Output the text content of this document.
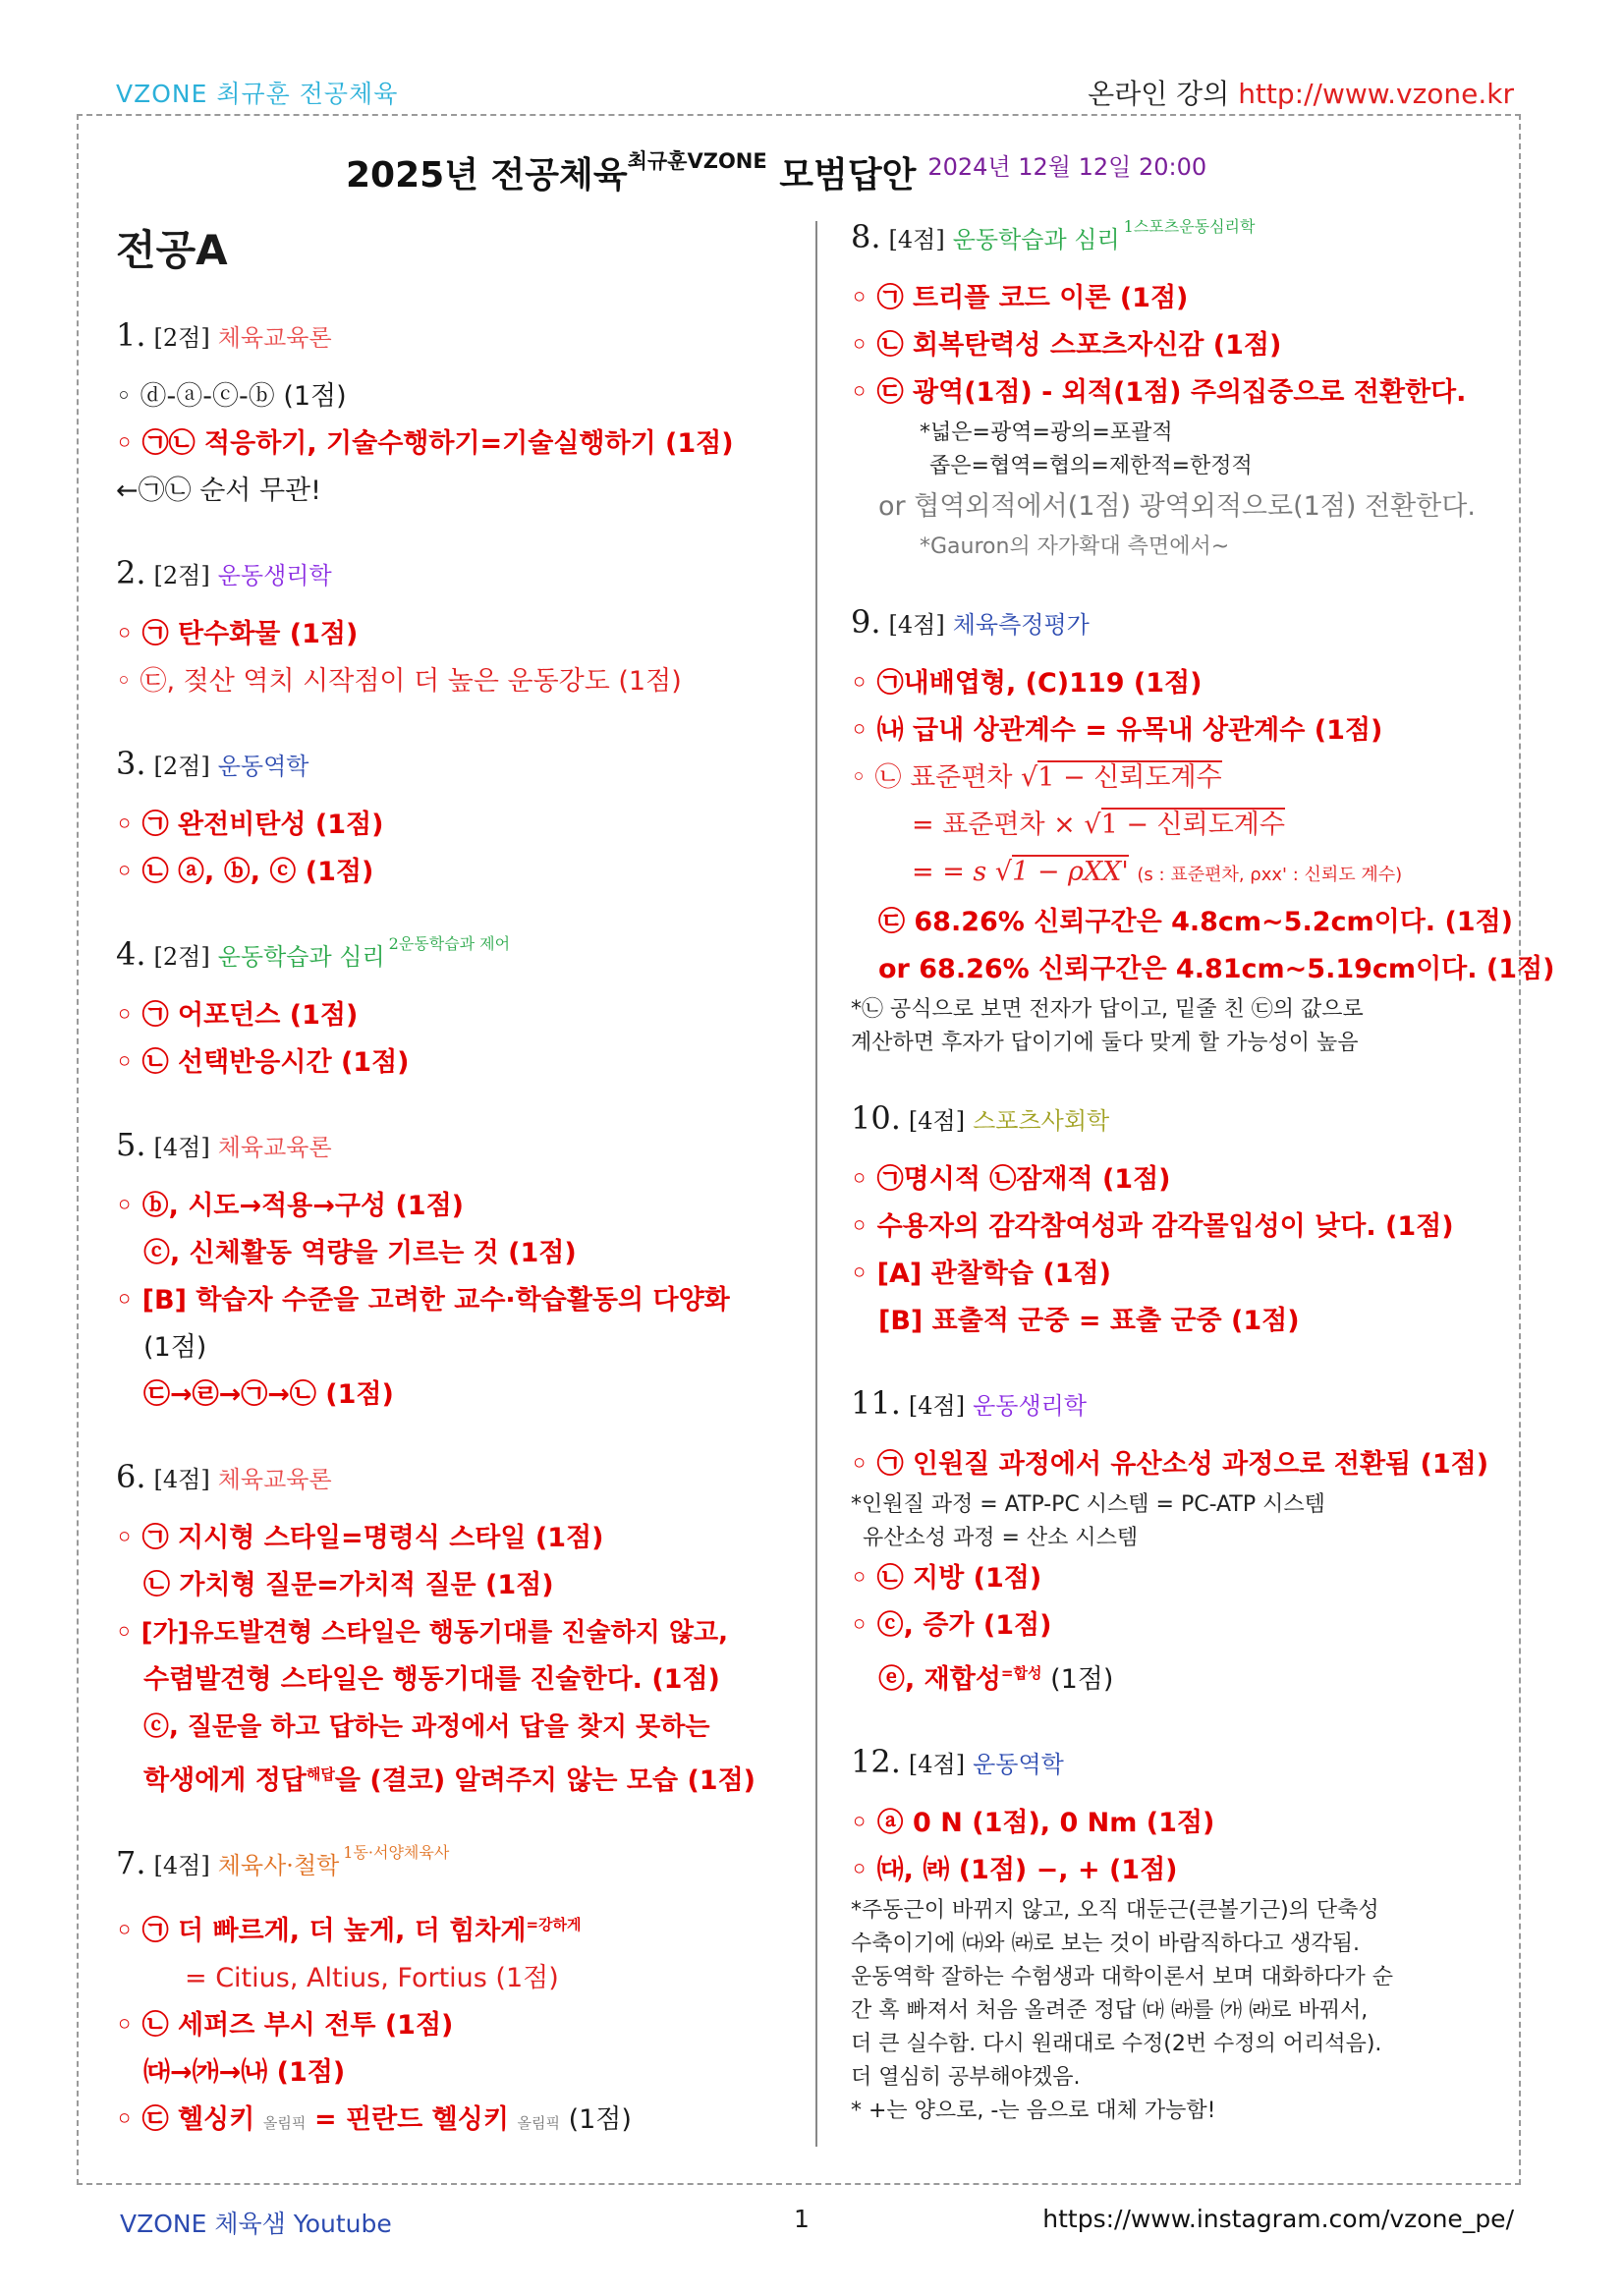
VZONE 최규훈 전공체육	온라인 강의 http://www.vzone.kr
2025년 전공체육$^{최규훈VZONE}$ 모범답안 $^{2024년 12월 12일 20:00}$
전공A
1. [2점] 체육교육론
◦ ⓓ-ⓐ-ⓒ-ⓑ (1점)
◦ ㉠㉡ 적응하기, 기술수행하기=기술실행하기 (1점)
←㉠㉡ 순서 무관!
2. [2점] 운동생리학
◦ ㉠ 탄수화물 (1점)
◦ ㉢, 젖산 역치 시작점이 더 높은 운동강도 (1점)
3. [2점] 운동역학
◦ ㉠ 완전비탄성 (1점)
◦ ㉡ ⓐ, ⓑ, ⓒ (1점)
4. [2점] 운동학습과 심리 $^{2운동학습과 제어}$
◦ ㉠ 어포던스 (1점)
◦ ㉡ 선택반응시간 (1점)
5. [4점] 체육교육론
◦ ⓑ, 시도→적용→구성 (1점)
ⓒ, 신체활동 역량을 기르는 것 (1점)
◦ [B] 학습자 수준을 고려한 교수·학습활동의 다양화
(1점)
㉢→㉣→㉠→㉡ (1점)
6. [4점] 체육교육론
◦ ㉠ 지시형 스타일=명령식 스타일 (1점)
㉡ 가치형 질문=가치적 질문 (1점)
◦ [가]유도발견형 스타일은 행동기대를 진술하지 않고,
수렴발견형 스타일은 행동기대를 진술한다. (1점)
ⓒ, 질문을 하고 답하는 과정에서 답을 찾지 못하는
학생에게 정답$^{해답}$을 (결코) 알려주지 않는 모습 (1점)
7. [4점] 체육사·철학 $^{1동\cdot 서양체육사}$
◦ ㉠ 더 빠르게, 더 높게, 더 힘차게$^{=강하게}$
= Citius, Altius, Fortius (1점)
◦ ㉡ 세퍼즈 부시 전투 (1점)
㈐→㈎→㈏ (1점)
◦ ㉢ 헬싱키 올림픽 = 핀란드 헬싱키 올림픽 (1점)
8. [4점] 운동학습과 심리 $^{1스포츠운동심리학}$
◦ ㉠ 트리플 코드 이론 (1점)
◦ ㉡ 회복탄력성 스포츠자신감 (1점)
◦ ㉢ 광역(1점) - 외적(1점) 주의집중으로 전환한다.
*넓은=광역=광의=포괄적
좁은=협역=협의=제한적=한정적
or 협역외적에서(1점) 광역외적으로(1점) 전환한다.
*Gauron의 자가확대 측면에서~
9. [4점] 체육측정평가
◦ ㉠내배엽형, (C)119 (1점)
◦ ㈏ 급내 상관계수 = 유목내 상관계수 (1점)
◦ ㉡ 표준편차 √1 − 신뢰도계수
= 표준편차 × √1 − 신뢰도계수
= = s √1 − ρXX' (s : 표준편차, ρxx' : 신뢰도 계수)
㉢ 68.26% 신뢰구간은 4.8cm~5.2cm이다. (1점)
or 68.26% 신뢰구간은 4.81cm~5.19cm이다. (1점)
*㉡ 공식으로 보면 전자가 답이고, 밑줄 친 ㉢의 값으로
계산하면 후자가 답이기에 둘다 맞게 할 가능성이 높음
10. [4점] 스포츠사회학
◦ ㉠명시적 ㉡잠재적 (1점)
◦ 수용자의 감각참여성과 감각몰입성이 낮다. (1점)
◦ [A] 관찰학습 (1점)
[B] 표출적 군중 = 표출 군중 (1점)
11. [4점] 운동생리학
◦ ㉠ 인원질 과정에서 유산소성 과정으로 전환됨 (1점)
*인원질 과정 = ATP-PC 시스템 = PC-ATP 시스템
유산소성 과정 = 산소 시스템
◦ ㉡ 지방 (1점)
◦ ⓒ, 증가 (1점)
ⓔ, 재합성$^{=합성}$ (1점)
12. [4점] 운동역학
◦ ⓐ 0 N (1점), 0 Nm (1점)
◦ ㈐, ㈑ (1점) −, + (1점)
*주동근이 바뀌지 않고, 오직 대둔근(큰볼기근)의 단축성
수축이기에 ㈐와 ㈑로 보는 것이 바람직하다고 생각됨.
운동역학 잘하는 수험생과 대학이론서 보며 대화하다가 순
간 혹 빠져서 처음 올려준 정답 ㈐ ㈑를 ㈎ ㈑로 바꿔서,
더 큰 실수함. 다시 원래대로 수정(2번 수정의 어리석음).
더 열심히 공부해야겠음.
* +는 양으로, -는 음으로 대체 가능함!
VZONE 체육샘 Youtube	1	https://www.instagram.com/vzone_pe/
